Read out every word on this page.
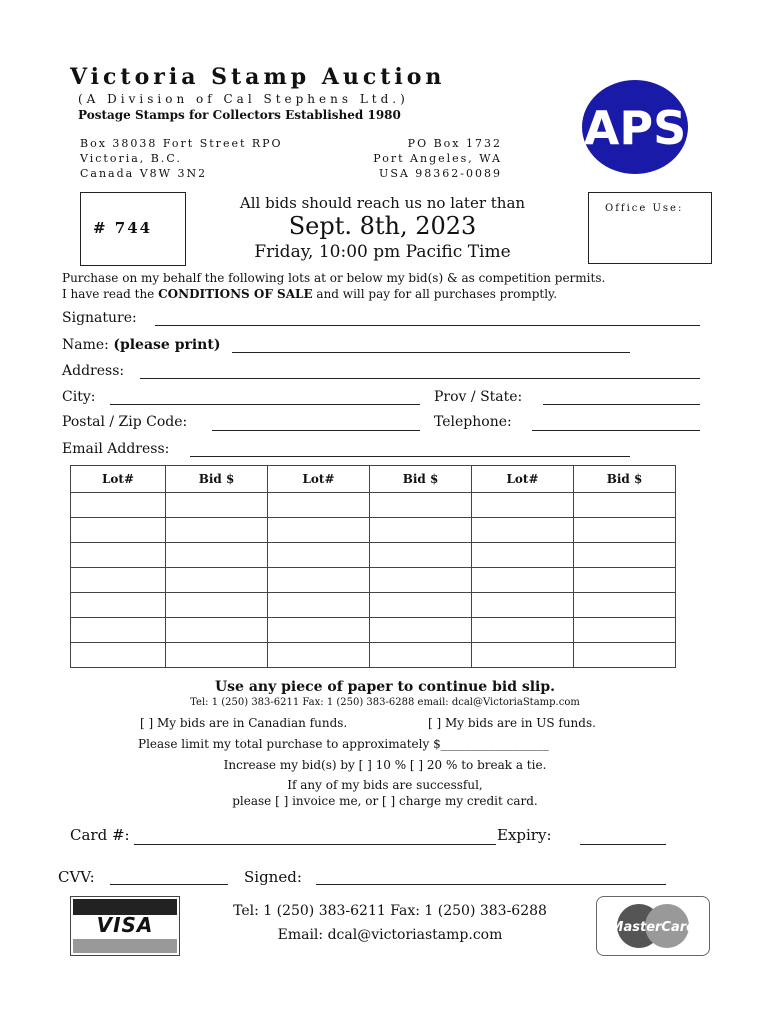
Victoria Stamp Auction
(A Division of Cal Stephens Ltd.)
Postage Stamps for Collectors Established 1980
Box 38038 Fort Street RPO
Victoria, B.C.
Canada V8W 3N2
PO Box 1732
Port Angeles, WA
USA 98362-0089
APS
# 744
All bids should reach us no later than
Sept. 8th, 2023
Friday, 10:00 pm Pacific Time
Office Use:
Purchase on my behalf the following lots at or below my bid(s) & as competition permits.
I have read the CONDITIONS OF SALE and will pay for all purchases promptly.
Signature:
Name: (please print)
Address:
City:	Prov / State:
Postal / Zip Code:	Telephone:
Email Address:
Lot#	Bid $	Lot#	Bid $	Lot#	Bid $

Use any piece of paper to continue bid slip.
Tel: 1 (250) 383-6211 Fax: 1 (250) 383-6288 email: dcal@VictoriaStamp.com
[ ] My bids are in Canadian funds.	[ ] My bids are in US funds.
Please limit my total purchase to approximately $__________________
Increase my bid(s) by [ ] 10 % [ ] 20 % to break a tie.
If any of my bids are successful,
please [ ] invoice me, or [ ] charge my credit card.
Card #:	Expiry:
CVV:	Signed:
VISA
Tel: 1 (250) 383-6211 Fax: 1 (250) 383-6288
Email: dcal@victoriastamp.com	MasterCard
